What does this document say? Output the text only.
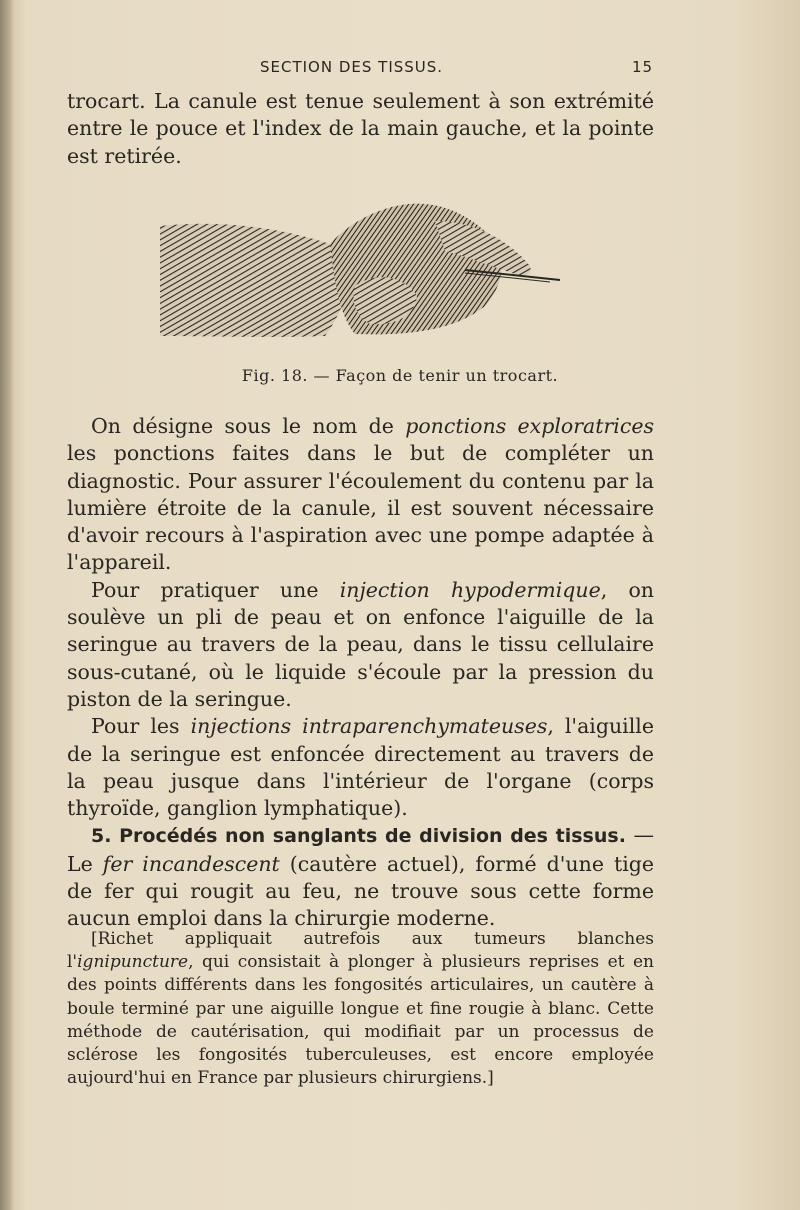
SECTION DES TISSUS.	15

trocart. La canule est tenue seulement à son extrémité entre le pouce et l'index de la main gauche, et la pointe est retirée.

Fig. 18. — Façon de tenir un trocart.

On désigne sous le nom de ponctions exploratrices les ponctions faites dans le but de compléter un diagnostic. Pour assurer l'écoulement du contenu par la lumière étroite de la canule, il est souvent nécessaire d'avoir recours à l'aspiration avec une pompe adaptée à l'appareil.

Pour pratiquer une injection hypodermique, on soulève un pli de peau et on enfonce l'aiguille de la seringue au travers de la peau, dans le tissu cellulaire sous-cutané, où le liquide s'écoule par la pression du piston de la seringue.

Pour les injections intraparenchymateuses, l'aiguille de la seringue est enfoncée directement au travers de la peau jusque dans l'intérieur de l'organe (corps thyroïde, ganglion lymphatique).

5. Procédés non sanglants de division des tissus. — Le fer incandescent (cautère actuel), formé d'une tige de fer qui rougit au feu, ne trouve sous cette forme aucun emploi dans la chirurgie moderne.

[Richet appliquait autrefois aux tumeurs blanches l'ignipuncture, qui consistait à plonger à plusieurs reprises et en des points différents dans les fongosités articulaires, un cautère à boule terminé par une aiguille longue et fine rougie à blanc. Cette méthode de cautérisation, qui modifiait par un processus de sclérose les fongosités tuberculeuses, est encore employée aujourd'hui en France par plusieurs chirurgiens.]
